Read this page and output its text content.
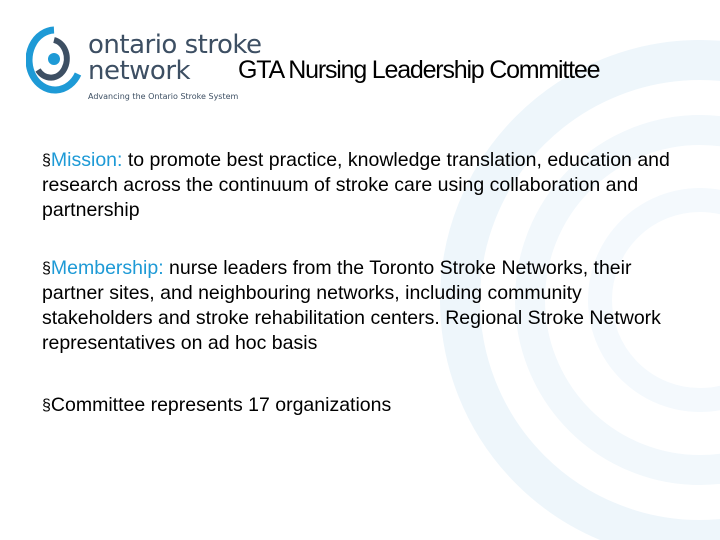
ontario stroke
network
Advancing the Ontario Stroke System
GTA Nursing Leadership Committee
§Mission: to promote best practice, knowledge translation, education and research across the continuum of stroke care using collaboration and partnership
§Membership: nurse leaders from the Toronto Stroke Networks, their partner sites, and neighbouring networks, including community stakeholders and stroke rehabilitation centers. Regional Stroke Network representatives on ad hoc basis
§Committee represents 17 organizations
